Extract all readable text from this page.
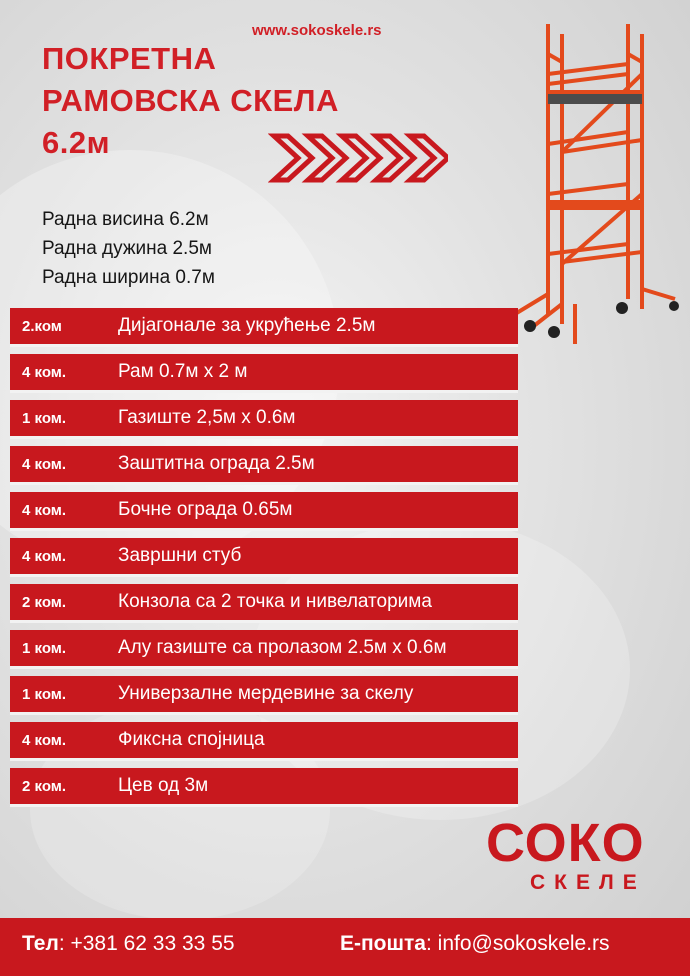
www.sokoskele.rs
ПОКРЕТНА
РАМОВСКА СКЕЛА
6.2м
Радна висина 6.2м
Радна дужина 2.5м
Радна ширина 0.7м
2.ком	Дијагонале за укрућење 2.5м
4 ком.	Рам 0.7м x 2 м
1 ком.	Газиште 2,5м x 0.6м
4 ком.	Заштитна ограда 2.5м
4 ком.	Бочне ограда 0.65м
4 ком.	Завршни стуб
2 ком.	Конзола са 2 точка и нивелаторима
1 ком.	Алу газиште са пролазом 2.5м x 0.6м
1 ком.	Универзалне мердевине за скелу
4 ком.	Фиксна спојница
2 ком.	Цев од 3м
СОКО
СКЕЛЕ
Тел: +381 62 33 33 55	Е-пошта: info@sokoskele.rs
